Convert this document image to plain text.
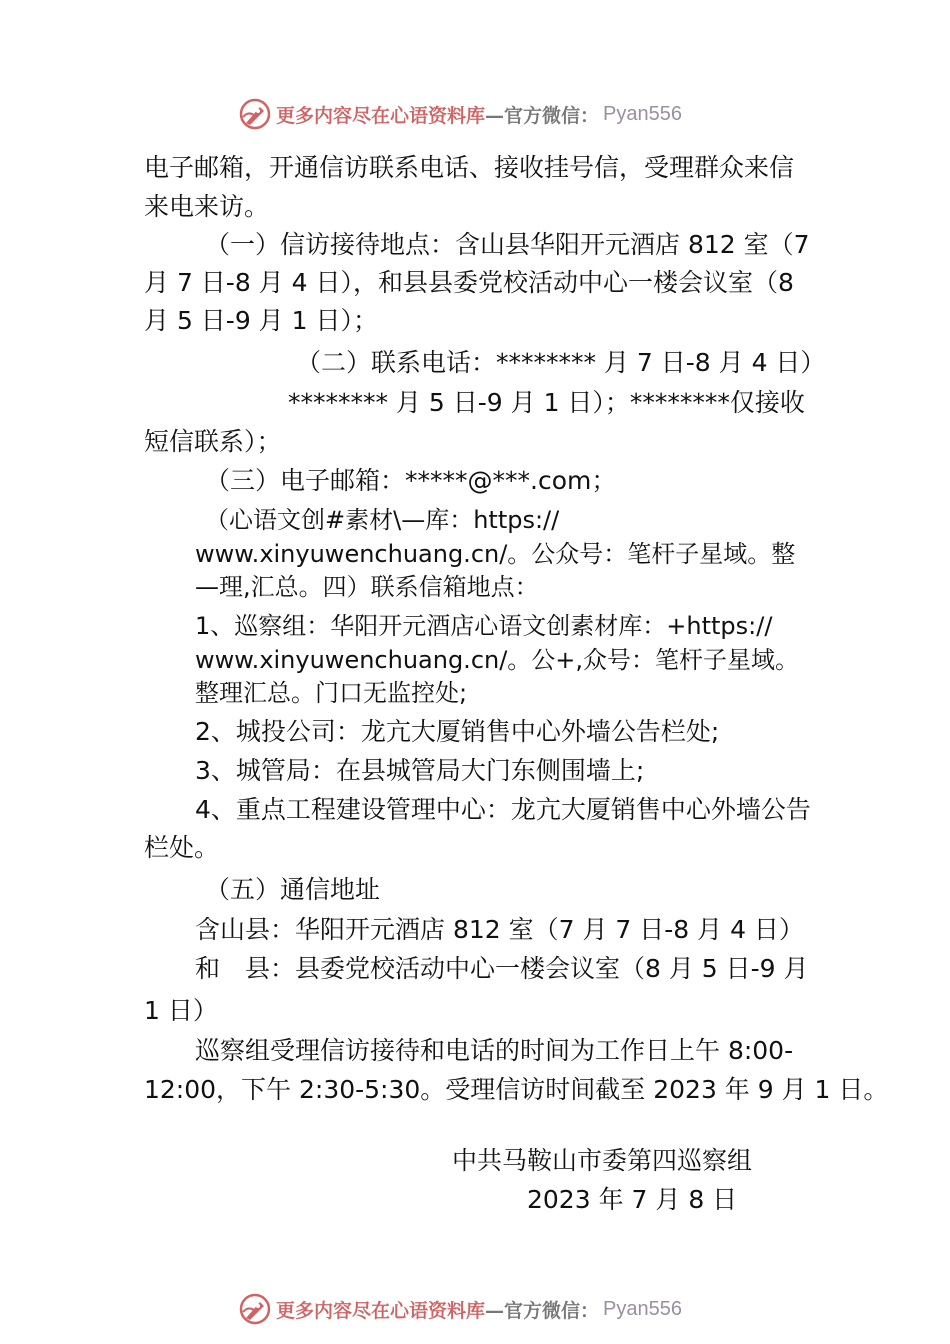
更多内容尽在心语资料库 —官方微信： Pyan556
电子邮箱，开通信访联系电话、接收挂号信，受理群众来信
来电来访。
（一）信访接待地点：含山县华阳开元酒店 812 室（7
月 7 日-8 月 4 日），和县县委党校活动中心一楼会议室（8
月 5 日-9 月 1 日）；
（二）联系电话：******** 月 7 日-8 月 4 日）
******** 月 5 日-9 月 1 日）；********仅接收
短信联系）；
（三）电子邮箱：*****@***.com；
（心语文创#素材\—库：https://
www.xinyuwenchuang.cn/。公众号：笔杆子星域。整
—理,汇总。四）联系信箱地点：
1、巡察组：华阳开元酒店心语文创素材库：+https://
www.xinyuwenchuang.cn/。公+,众号：笔杆子星域。
整理汇总。门口无监控处;
2、城投公司：龙亢大厦销售中心外墙公告栏处;
3、城管局：在县城管局大门东侧围墙上;
4、重点工程建设管理中心：龙亢大厦销售中心外墙公告
栏处。
（五）通信地址
含山县：华阳开元酒店 812 室（7 月 7 日-8 月 4 日）
和　县：县委党校活动中心一楼会议室（8 月 5 日-9 月
1 日）
巡察组受理信访接待和电话的时间为工作日上午 8:00-
12:00，下午 2:30-5:30。受理信访时间截至 2023 年 9 月 1 日。
中共马鞍山市委第四巡察组
2023 年 7 月 8 日
更多内容尽在心语资料库 —官方微信： Pyan556
